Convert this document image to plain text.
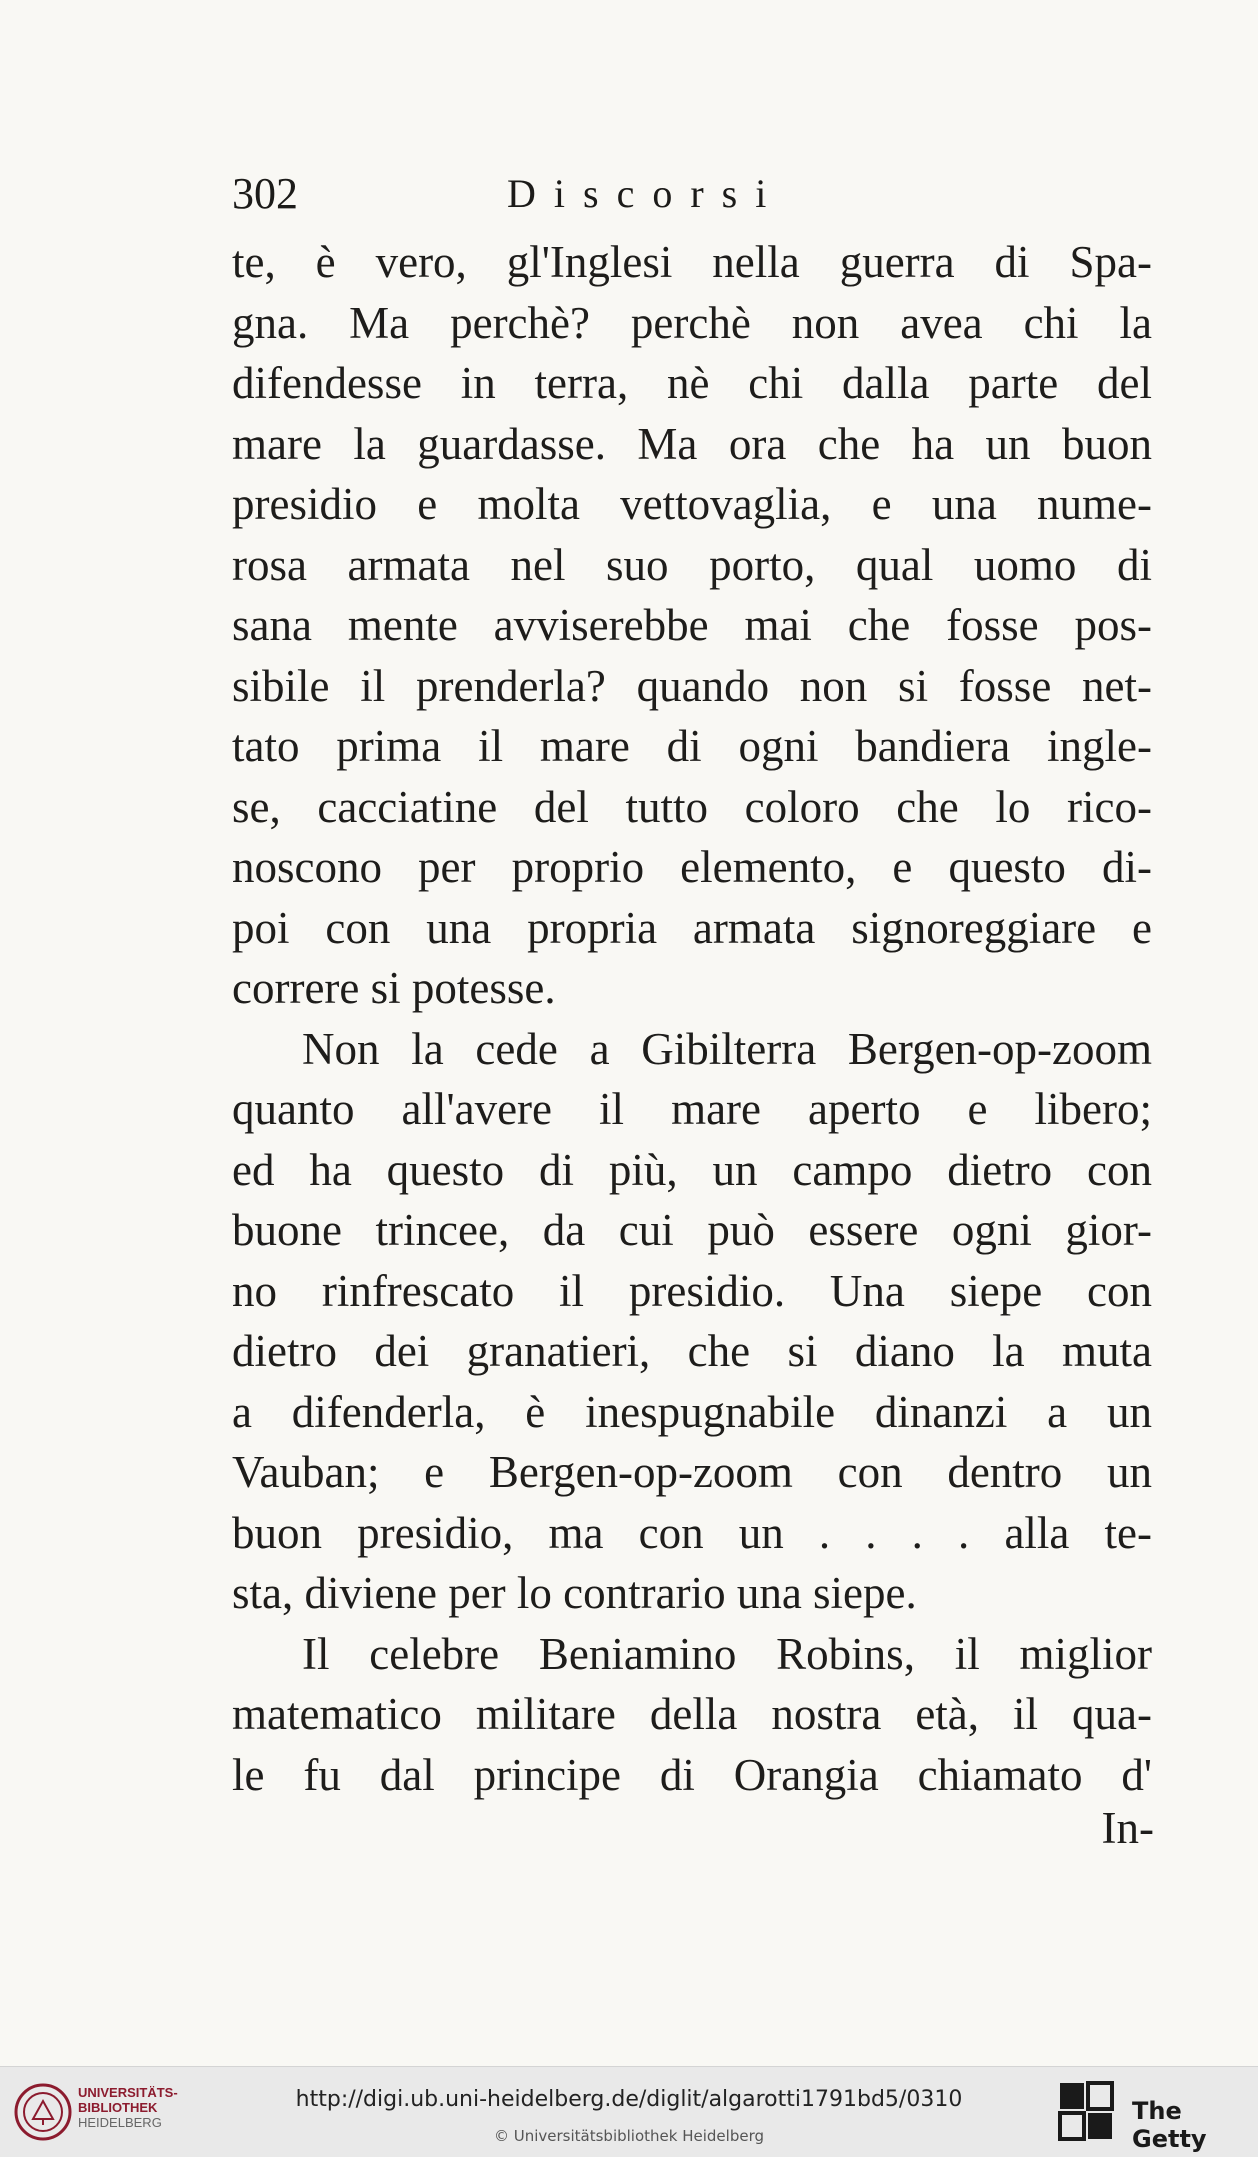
302	Discorsi
te, è vero, gl'Inglesi nella guerra di Spa-
gna. Ma perchè? perchè non avea chi la
difendesse in terra, nè chi dalla parte del
mare la guardasse. Ma ora che ha un buon
presidio e molta vettovaglia, e una nume-
rosa armata nel suo porto, qual uomo di
sana mente avviserebbe mai che fosse pos-
sibile il prenderla? quando non si fosse net-
tato prima il mare di ogni bandiera ingle-
se, cacciatine del tutto coloro che lo rico-
noscono per proprio elemento, e questo di-
poi con una propria armata signoreggiare e
correre si potesse.
Non la cede a Gibilterra Bergen-op-zoom
quanto all'avere il mare aperto e libero;
ed ha questo di più, un campo dietro con
buone trincee, da cui può essere ogni gior-
no rinfrescato il presidio. Una siepe con
dietro dei granatieri, che si diano la muta
a difenderla, è inespugnabile dinanzi a un
Vauban; e Bergen-op-zoom con dentro un
buon presidio, ma con un . . . . alla te-
sta, diviene per lo contrario una siepe.
Il celebre Beniamino Robins, il miglior
matematico militare della nostra età, il qua-
le fu dal principe di Orangia chiamato d'
In-
UNIVERSITÄTS-
BIBLIOTHEK
HEIDELBERG
http://digi.ub.uni-heidelberg.de/diglit/algarotti1791bd5/0310
© Universitätsbibliothek Heidelberg
The Getty
